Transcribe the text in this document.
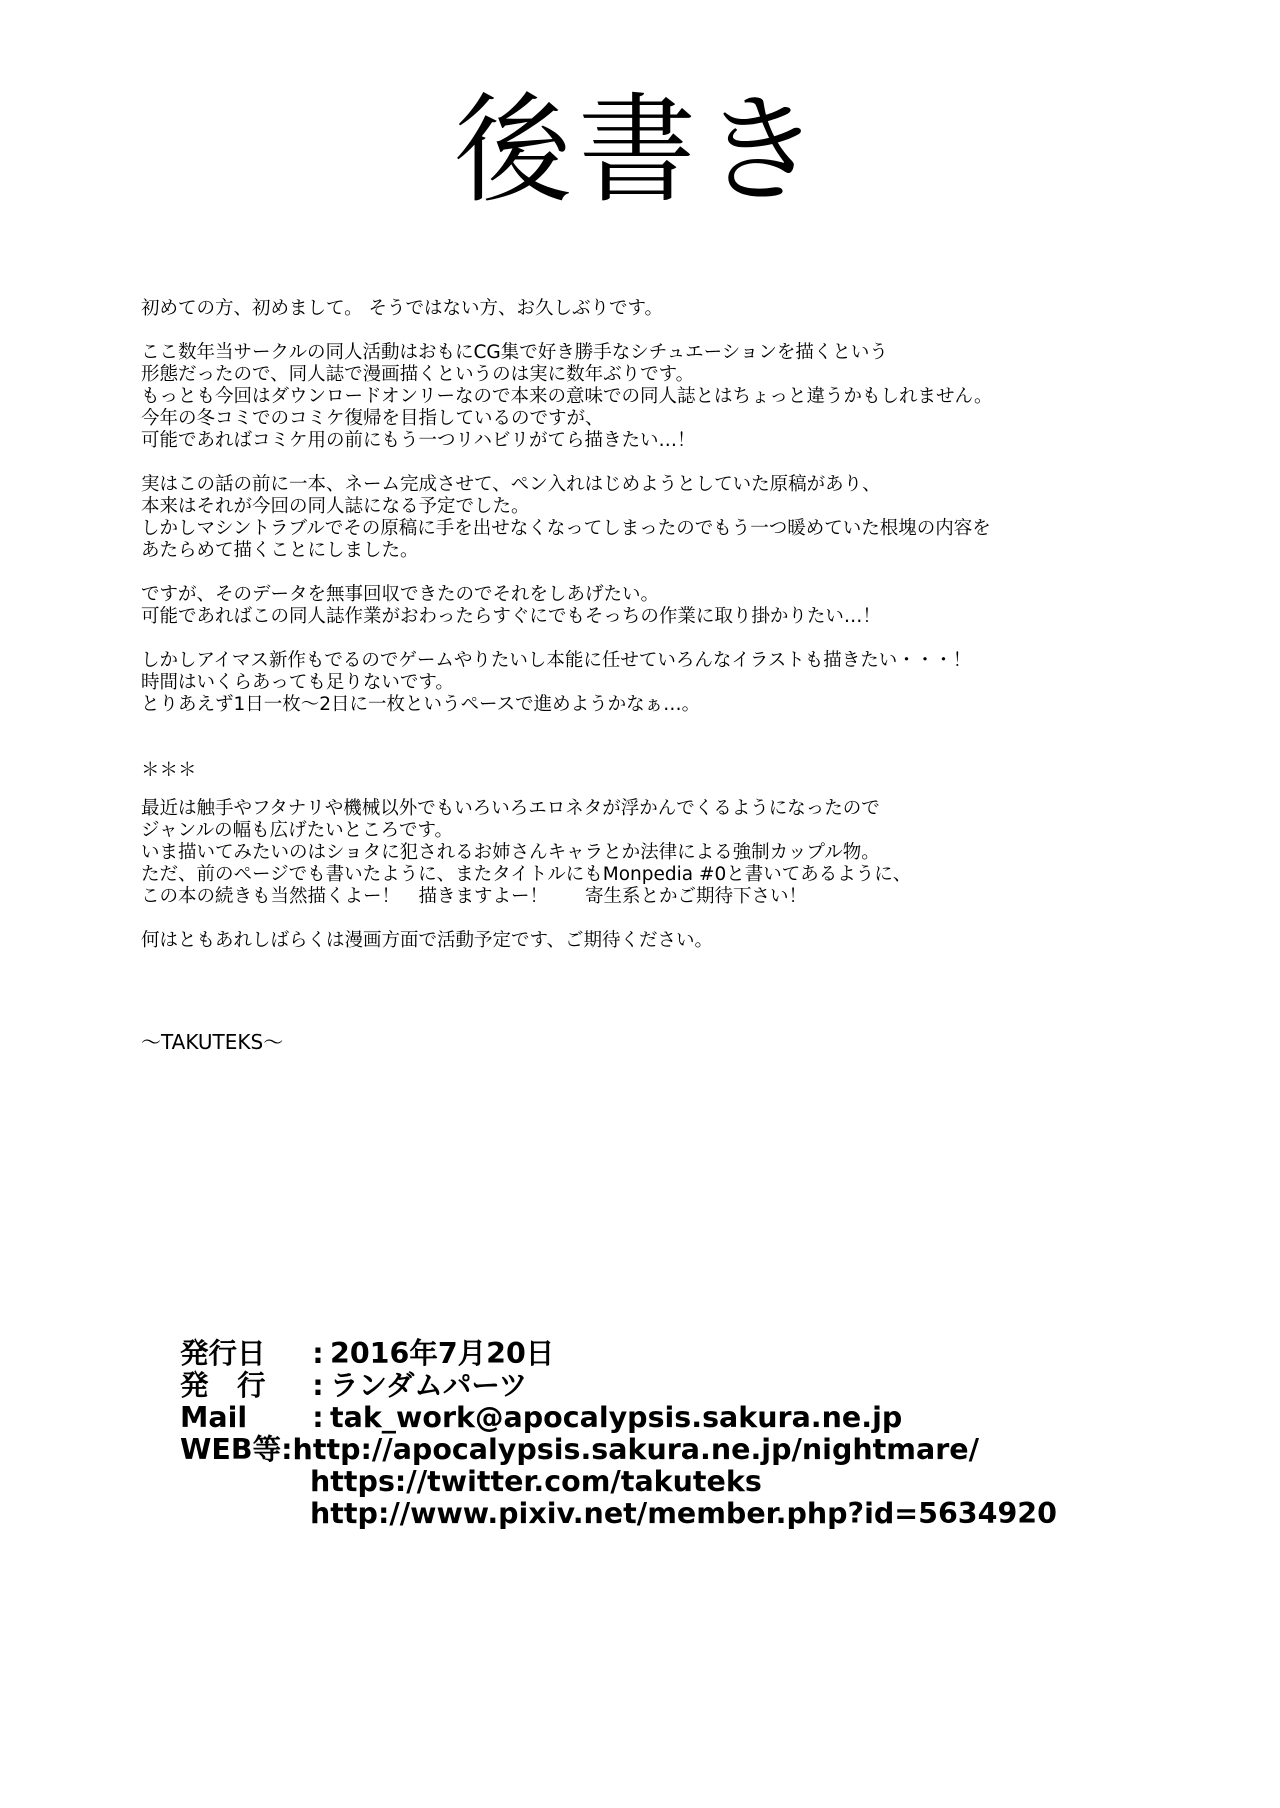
後書き
初めての方、初めまして。 そうではない方、お久しぶりです。
ここ数年当サークルの同人活動はおもにCG集で好き勝手なシチュエーションを描くという
形態だったので、同人誌で漫画描くというのは実に数年ぶりです。
もっとも今回はダウンロードオンリーなので本来の意味での同人誌とはちょっと違うかもしれません。
今年の冬コミでのコミケ復帰を目指しているのですが、
可能であればコミケ用の前にもう一つリハビリがてら描きたい…！
実はこの話の前に一本、ネーム完成させて、ペン入れはじめようとしていた原稿があり、
本来はそれが今回の同人誌になる予定でした。
しかしマシントラブルでその原稿に手を出せなくなってしまったのでもう一つ暖めていた根塊の内容を
あたらめて描くことにしました。
ですが、そのデータを無事回収できたのでそれをしあげたい。
可能であればこの同人誌作業がおわったらすぐにでもそっちの作業に取り掛かりたい…！
しかしアイマス新作もでるのでゲームやりたいし本能に任せていろんなイラストも描きたい・・・！
時間はいくらあっても足りないです。
とりあえず1日一枚～2日に一枚というペースで進めようかなぁ…。
＊＊＊
最近は触手やフタナリや機械以外でもいろいろエロネタが浮かんでくるようになったので
ジャンルの幅も広げたいところです。
いま描いてみたいのはショタに犯されるお姉さんキャラとか法律による強制カップル物。
ただ、前のページでも書いたように、またタイトルにもMonpedia #0と書いてあるように、
この本の続きも当然描くよー！　描きますよー！　　寄生系とかご期待下さい！
何はともあれしばらくは漫画方面で活動予定です、ご期待ください。
～TAKUTEKS～
発行日	: 2016年7月20日
発　行	: ランダムパーツ
Mail	: tak_work@apocalypsis.sakura.ne.jp
WEB等 : http://apocalypsis.sakura.ne.jp/nightmare/
https://twitter.com/takuteks
http://www.pixiv.net/member.php?id=5634920
